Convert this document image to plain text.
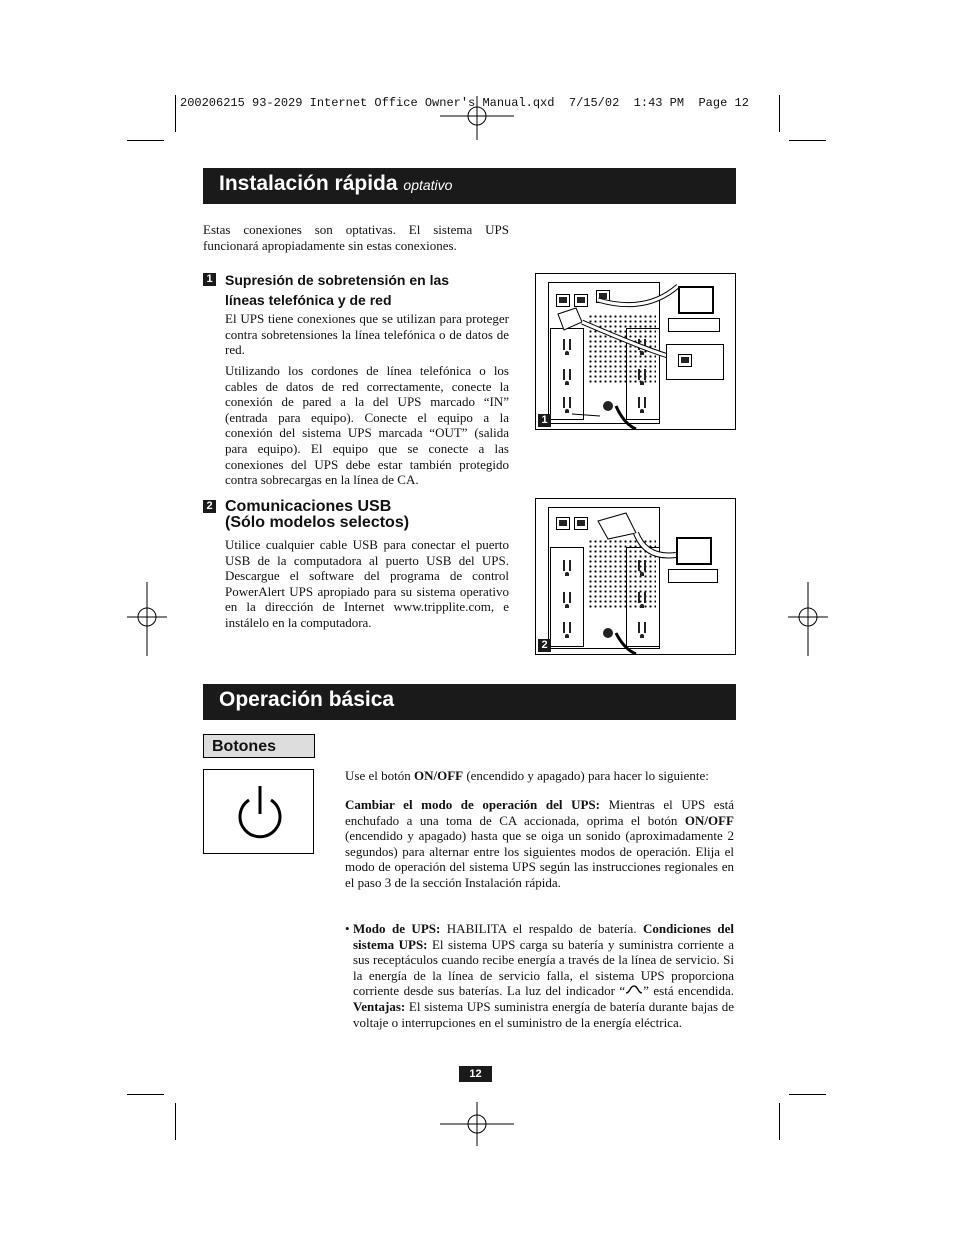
200206215 93-2029 Internet Office Owner's Manual.qxd  7/15/02  1:43 PM  Page 12
Instalación rápida optativo
Estas conexiones son optativas. El sistema UPS funcionará apropiadamente sin estas conexiones.
1 Supresión de sobretensión en las
líneas telefónica y de red
El UPS tiene conexiones que se utilizan para proteger contra sobretensiones la línea telefónica o de datos de red.
Utilizando los cordones de línea telefónica o los cables de datos de red correctamente, conecte la conexión de pared a la del UPS marcado “IN” (entrada para equipo). Conecte el equipo a la conexión del sistema UPS marcada “OUT” (salida para equipo). El equipo que se conecte a las conexiones del UPS debe estar también protegido contra sobrecargas en la línea de CA.
1
2 Comunicaciones USB
(Sólo modelos selectos)
Utilice cualquier cable USB para conectar el puerto USB de la computadora al puerto USB del UPS. Descargue el software del programa de control PowerAlert UPS apropiado para su sistema operativo en la dirección de Internet www.tripplite.com, e instálelo en la computadora.
2
Operación básica
Botones
Use el botón ON/OFF (encendido y apagado) para hacer lo siguiente:
Cambiar el modo de operación del UPS: Mientras el UPS está enchufado a una toma de CA accionada, oprima el botón ON/OFF (encendido y apagado) hasta que se oiga un sonido (aproximadamente 2 segundos) para alternar entre los siguientes modos de operación. Elija el modo de operación del sistema UPS según las instrucciones regionales en el paso 3 de la sección Instalación rápida.
• Modo de UPS: HABILITA el respaldo de batería. Condiciones del sistema UPS: El sistema UPS carga su batería y suministra corriente a sus receptáculos cuando recibe energía a través de la línea de servicio. Si la energía de la línea de servicio falla, el sistema UPS proporciona corriente desde sus baterías. La luz del indicador “ ” está encendida. Ventajas: El sistema UPS suministra energía de batería durante bajas de voltaje o interrupciones en el suministro de la energía eléctrica.
12
